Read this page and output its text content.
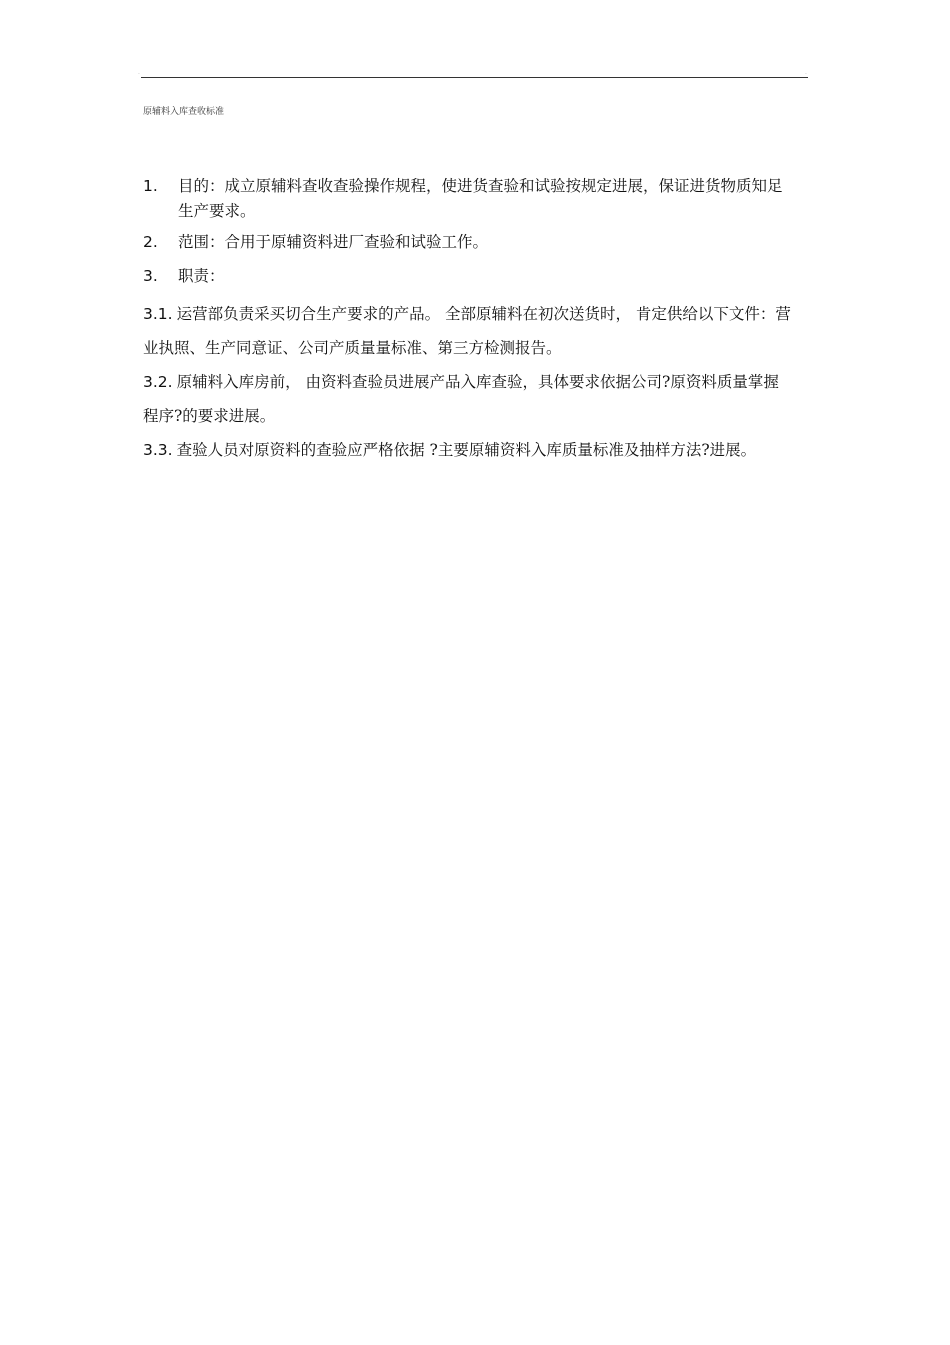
·	·
原辅料入库查收标准
1. 目的：成立原辅料查收查验操作规程，使进货查验和试验按规定进展，保证进货物质知足生产要求。
2. 范围：合用于原辅资料进厂查验和试验工作。
3. 职责：
3.1. 运营部负责采买切合生产要求的产品。 全部原辅料在初次送货时， 肯定供给以下文件：营业执照、生产同意证、公司产质量量标准、第三方检测报告。
3.2. 原辅料入库房前， 由资料查验员进展产品入库查验，具体要求依据公司?原资料质量掌握程序?的要求进展。
3.3. 查验人员对原资料的查验应严格依据 ?主要原辅资料入库质量标准及抽样方法?进展。
